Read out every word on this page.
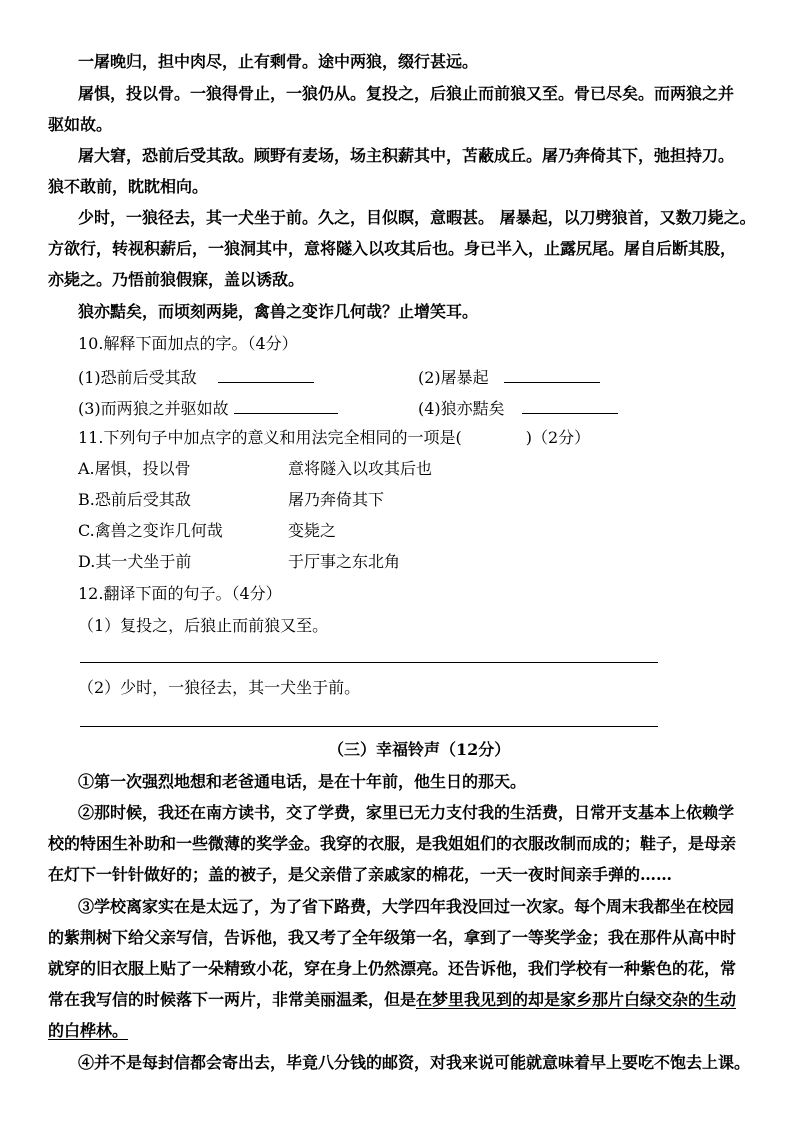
一屠晚归，担中肉尽，止有剩骨。途中两狼，缀行甚远。
屠惧，投以骨。一狼得骨止，一狼仍从。复投之，后狼止而前狼又至。骨已尽矣。而两狼之并
驱如故。
屠大窘，恐前后受其敌。顾野有麦场，场主积薪其中，苫蔽成丘。屠乃奔倚其下，弛担持刀。
狼不敢前，眈眈相向。
少时，一狼径去，其一犬坐于前。久之，目似瞑，意暇甚。 屠暴起，以刀劈狼首，又数刀毙之。
方欲行，转视积薪后，一狼洞其中，意将隧入以攻其后也。身已半入，止露尻尾。屠自后断其股，
亦毙之。乃悟前狼假寐，盖以诱敌。
狼亦黠矣，而顷刻两毙，禽兽之变诈几何哉？止增笑耳。
10.解释下面加点的字。（4分）
(1)恐前后受其敌	(2)屠暴起
(3)而两狼之并驱如故	(4)狼亦黠矣
11.下列句子中加点字的意义和用法完全相同的一项是(	)（2分）
A.屠惧，投以骨	意将隧入以攻其后也
B.恐前后受其敌	屠乃奔倚其下
C.禽兽之变诈几何哉	变毙之
D.其一犬坐于前	于厅事之东北角
12.翻译下面的句子。（4分）
（1）复投之，后狼止而前狼又至。
（2）少时，一狼径去，其一犬坐于前。
（三）幸福铃声（12分）
①第一次强烈地想和老爸通电话，是在十年前，他生日的那天。
②那时候，我还在南方读书，交了学费，家里已无力支付我的生活费，日常开支基本上依赖学
校的特困生补助和一些微薄的奖学金。我穿的衣服，是我姐姐们的衣服改制而成的；鞋子，是母亲
在灯下一针针做好的；盖的被子，是父亲借了亲戚家的棉花，一天一夜时间亲手弹的……
③学校离家实在是太远了，为了省下路费，大学四年我没回过一次家。每个周末我都坐在校园
的紫荆树下给父亲写信，告诉他，我又考了全年级第一名，拿到了一等奖学金；我在那件从高中时
就穿的旧衣服上贴了一朵精致小花，穿在身上仍然漂亮。还告诉他，我们学校有一种紫色的花，常
常在我写信的时候落下一两片，非常美丽温柔，但是在梦里我见到的却是家乡那片白绿交杂的生动
的白桦林。
④并不是每封信都会寄出去，毕竟八分钱的邮资，对我来说可能就意味着早上要吃不饱去上课。
